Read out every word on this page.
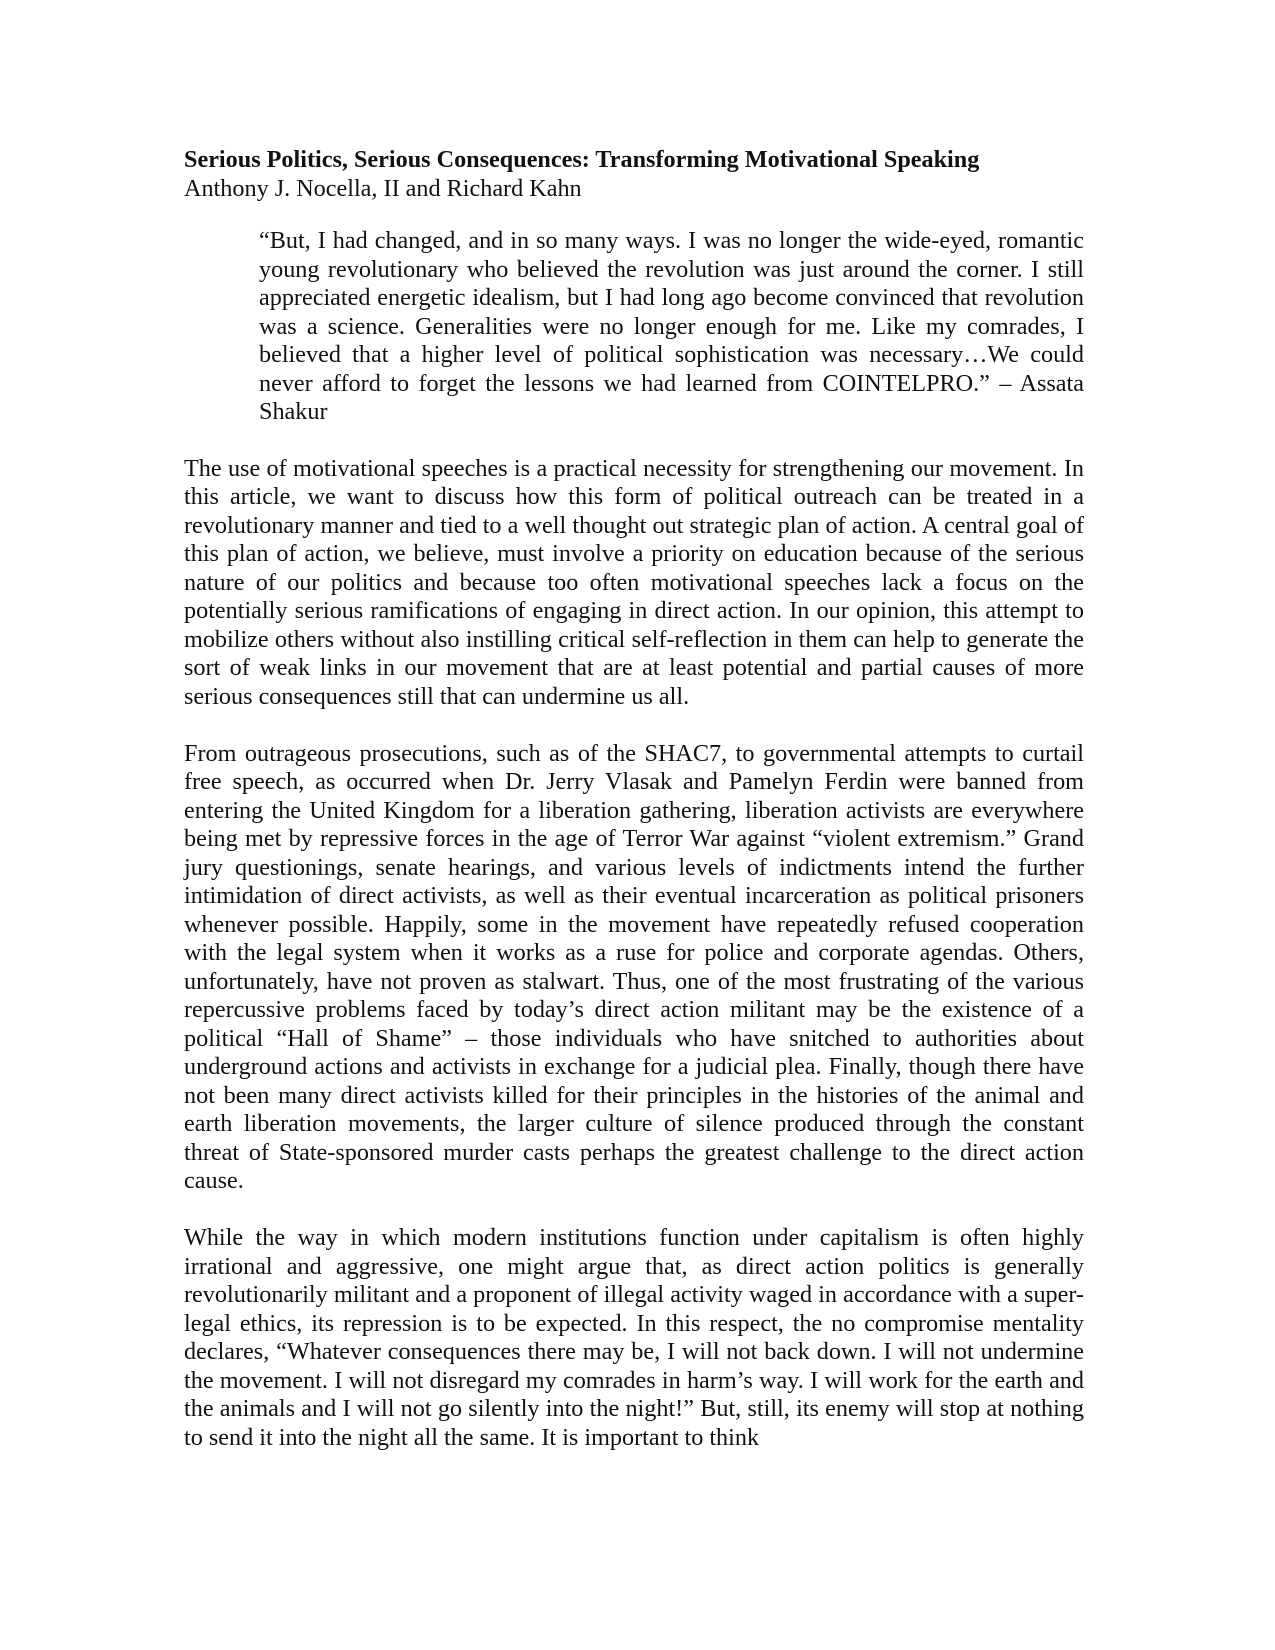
Serious Politics, Serious Consequences: Transforming Motivational Speaking

Anthony J. Nocella, II and Richard Kahn

“But, I had changed, and in so many ways. I was no longer the wide-eyed, romantic young revolutionary who believed the revolution was just around the corner. I still appreciated energetic idealism, but I had long ago become convinced that revolution was a science. Generalities were no longer enough for me. Like my comrades, I believed that a higher level of political sophistication was necessary…We could never afford to forget the lessons we had learned from COINTELPRO.” – Assata Shakur

The use of motivational speeches is a practical necessity for strengthening our movement. In this article, we want to discuss how this form of political outreach can be treated in a revolutionary manner and tied to a well thought out strategic plan of action. A central goal of this plan of action, we believe, must involve a priority on education because of the serious nature of our politics and because too often motivational speeches lack a focus on the potentially serious ramifications of engaging in direct action. In our opinion, this attempt to mobilize others without also instilling critical self-reflection in them can help to generate the sort of weak links in our movement that are at least potential and partial causes of more serious consequences still that can undermine us all.

From outrageous prosecutions, such as of the SHAC7, to governmental attempts to curtail free speech, as occurred when Dr. Jerry Vlasak and Pamelyn Ferdin were banned from entering the United Kingdom for a liberation gathering, liberation activists are everywhere being met by repressive forces in the age of Terror War against “violent extremism.” Grand jury questionings, senate hearings, and various levels of indictments intend the further intimidation of direct activists, as well as their eventual incarceration as political prisoners whenever possible. Happily, some in the movement have repeatedly refused cooperation with the legal system when it works as a ruse for police and corporate agendas. Others, unfortunately, have not proven as stalwart. Thus, one of the most frustrating of the various repercussive problems faced by today’s direct action militant may be the existence of a political “Hall of Shame” – those individuals who have snitched to authorities about underground actions and activists in exchange for a judicial plea. Finally, though there have not been many direct activists killed for their principles in the histories of the animal and earth liberation movements, the larger culture of silence produced through the constant threat of State-sponsored murder casts perhaps the greatest challenge to the direct action cause.

While the way in which modern institutions function under capitalism is often highly irrational and aggressive, one might argue that, as direct action politics is generally revolutionarily militant and a proponent of illegal activity waged in accordance with a super-legal ethics, its repression is to be expected. In this respect, the no compromise mentality declares, “Whatever consequences there may be, I will not back down. I will not undermine the movement. I will not disregard my comrades in harm’s way. I will work for the earth and the animals and I will not go silently into the night!” But, still, its enemy will stop at nothing to send it into the night all the same. It is important to think
